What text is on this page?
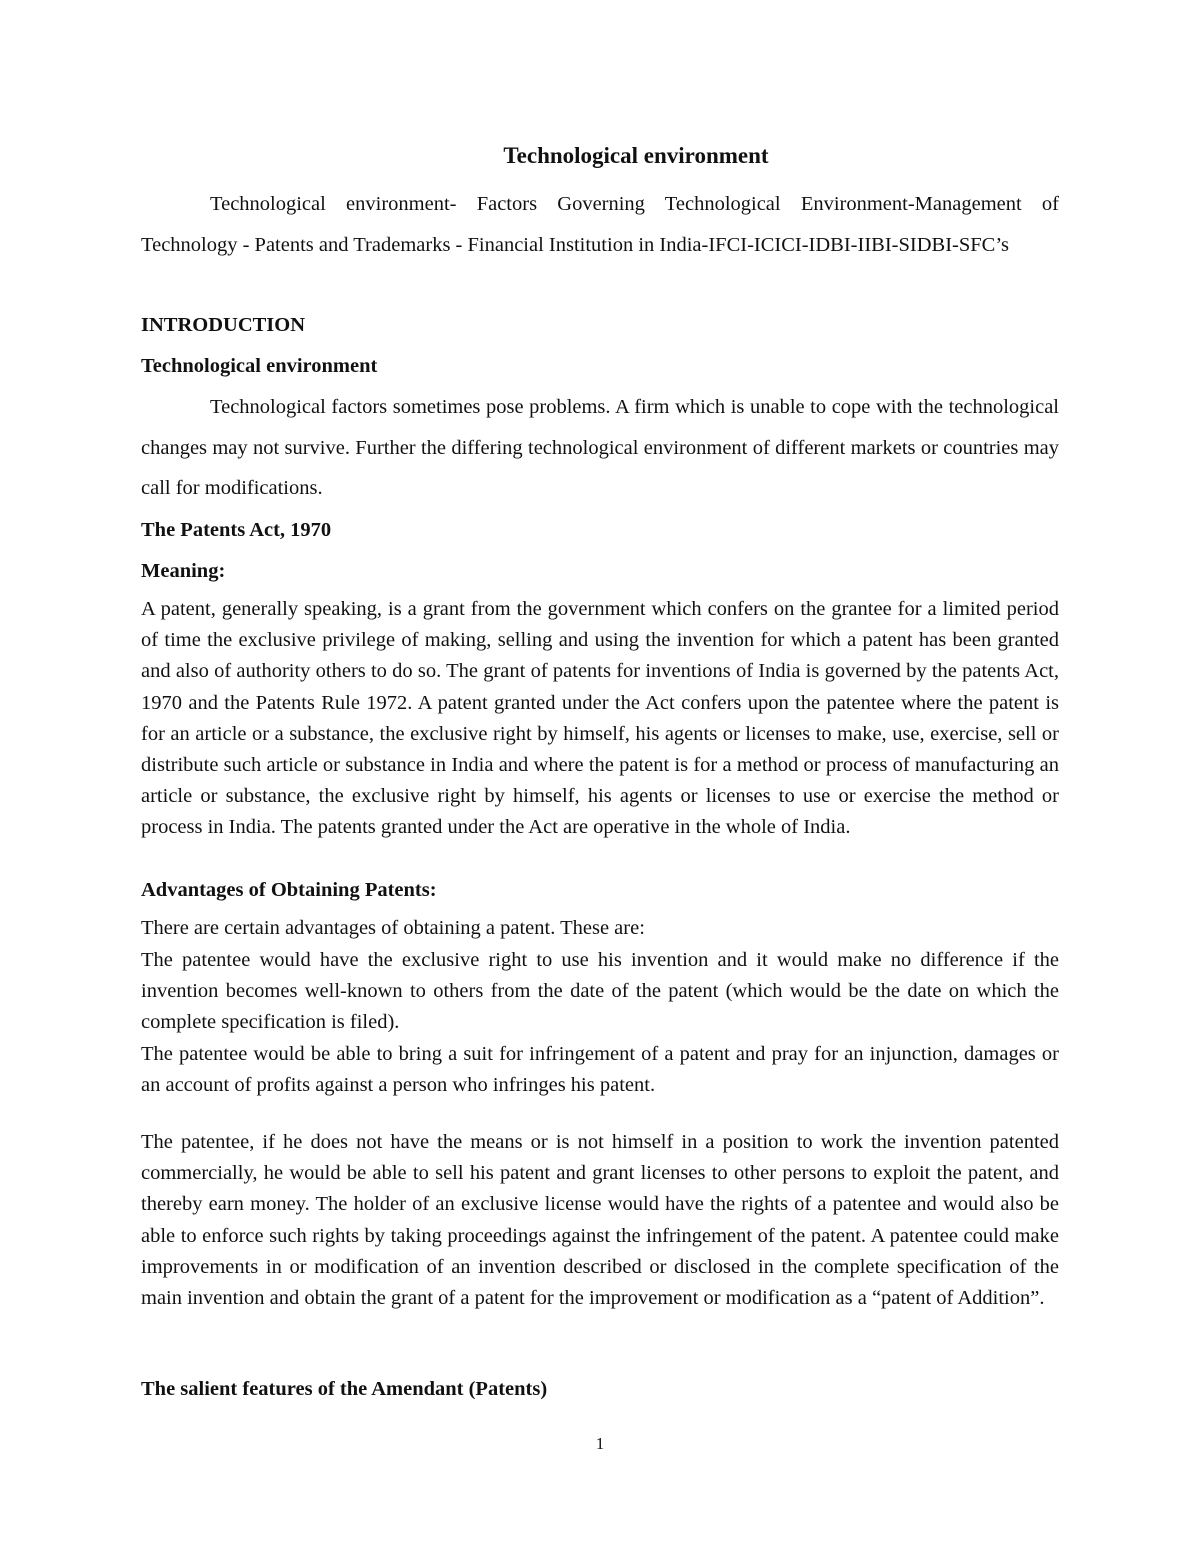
Technological environment

Technological environment- Factors Governing Technological Environment-Management of Technology - Patents and Trademarks - Financial Institution in India-IFCI-ICICI-IDBI-IIBI-SIDBI-SFC’s

INTRODUCTION

Technological environment

Technological factors sometimes pose problems. A firm which is unable to cope with the technological changes may not survive. Further the differing technological environment of different markets or countries may call for modifications.

The Patents Act, 1970

Meaning:

A patent, generally speaking, is a grant from the government which confers on the grantee for a limited period of time the exclusive privilege of making, selling and using the invention for which a patent has been granted and also of authority others to do so. The grant of patents for inventions of India is governed by the patents Act, 1970 and the Patents Rule 1972. A patent granted under the Act confers upon the patentee where the patent is for an article or a substance, the exclusive right by himself, his agents or licenses to make, use, exercise, sell or distribute such article or substance in India and where the patent is for a method or process of manufacturing an article or substance, the exclusive right by himself, his agents or licenses to use or exercise the method or process in India. The patents granted under the Act are operative in the whole of India.

Advantages of Obtaining Patents:

There are certain advantages of obtaining a patent. These are:

The patentee would have the exclusive right to use his invention and it would make no difference if the invention becomes well-known to others from the date of the patent (which would be the date on which the complete specification is filed).

The patentee would be able to bring a suit for infringement of a patent and pray for an injunction, damages or an account of profits against a person who infringes his patent.

The patentee, if he does not have the means or is not himself in a position to work the invention patented commercially, he would be able to sell his patent and grant licenses to other persons to exploit the patent, and thereby earn money. The holder of an exclusive license would have the rights of a patentee and would also be able to enforce such rights by taking proceedings against the infringement of the patent. A patentee could make improvements in or modification of an invention described or disclosed in the complete specification of the main invention and obtain the grant of a patent for the improvement or modification as a “patent of Addition”.

The salient features of the Amendant (Patents)

1
